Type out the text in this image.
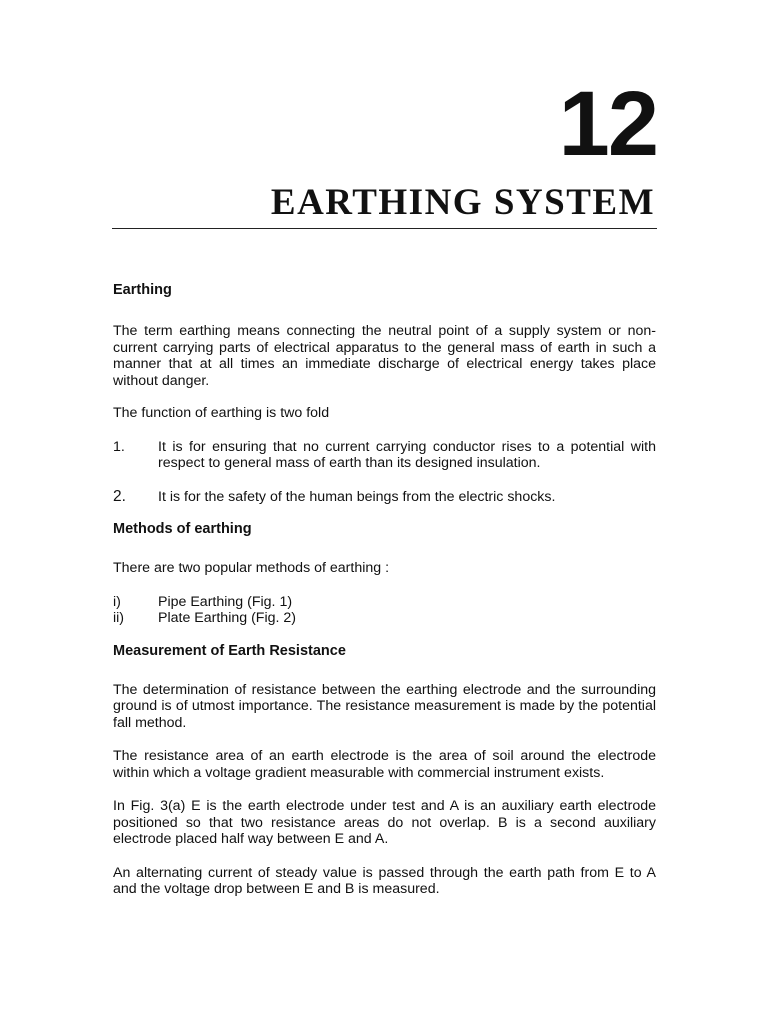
12
EARTHING SYSTEM
Earthing

The term earthing means connecting the neutral point of a supply system or non-current carrying parts of electrical apparatus to the general mass of earth in such a manner that at all times an immediate discharge of electrical energy takes place without danger.

The function of earthing is two fold

1.	It is for ensuring that no current carrying conductor rises to a potential with respect to general mass of earth than its designed insulation.
2.	It is for the safety of the human beings from the electric shocks.
Methods of earthing

There are two popular methods of earthing :

i)	Pipe Earthing (Fig. 1)
ii)	Plate Earthing (Fig. 2)
Measurement of Earth Resistance

The determination of resistance between the earthing electrode and the surrounding ground is of utmost importance. The resistance measurement is made by the potential fall method.

The resistance area of an earth electrode is the area of soil around the electrode within which a voltage gradient measurable with commercial instrument exists.

In Fig. 3(a) E is the earth electrode under test and A is an auxiliary earth electrode positioned so that two resistance areas do not overlap. B is a second auxiliary electrode placed half way between E and A.

An alternating current of steady value is passed through the earth path from E to A and the voltage drop between E and B is measured.
